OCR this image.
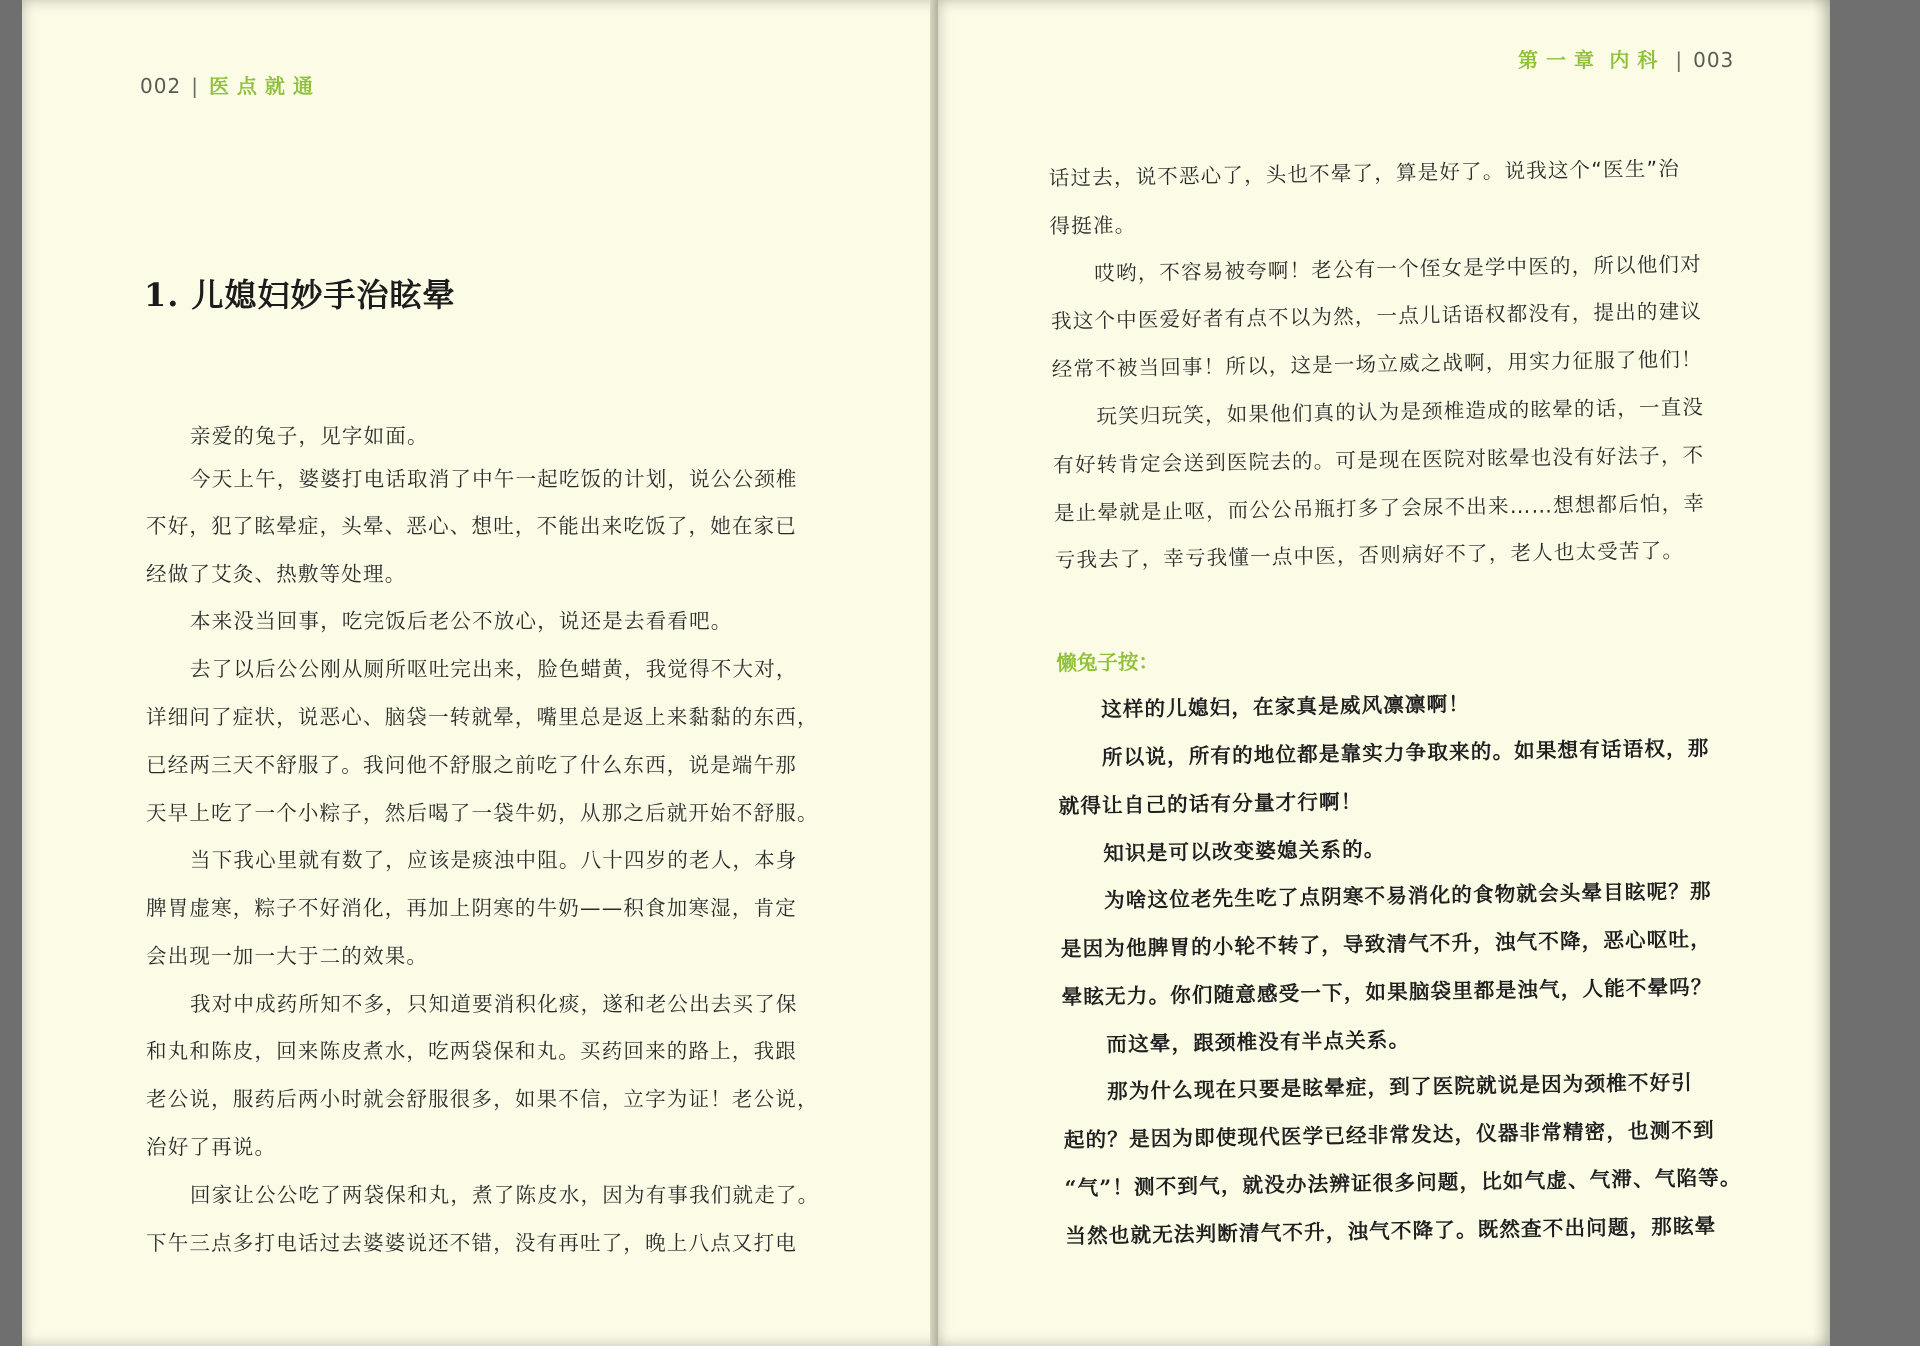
002 | 医点就通
1. 儿媳妇妙手治眩晕
亲爱的兔子，见字如面。
今天上午，婆婆打电话取消了中午一起吃饭的计划，说公公颈椎
不好，犯了眩晕症，头晕、恶心、想吐，不能出来吃饭了，她在家已
经做了艾灸、热敷等处理。
本来没当回事，吃完饭后老公不放心，说还是去看看吧。
去了以后公公刚从厕所呕吐完出来，脸色蜡黄，我觉得不大对，
详细问了症状，说恶心、脑袋一转就晕，嘴里总是返上来黏黏的东西，
已经两三天不舒服了。我问他不舒服之前吃了什么东西，说是端午那
天早上吃了一个小粽子，然后喝了一袋牛奶，从那之后就开始不舒服。
当下我心里就有数了，应该是痰浊中阻。八十四岁的老人，本身
脾胃虚寒，粽子不好消化，再加上阴寒的牛奶——积食加寒湿，肯定
会出现一加一大于二的效果。
我对中成药所知不多，只知道要消积化痰，遂和老公出去买了保
和丸和陈皮，回来陈皮煮水，吃两袋保和丸。买药回来的路上，我跟
老公说，服药后两小时就会舒服很多，如果不信，立字为证！老公说，
治好了再说。
回家让公公吃了两袋保和丸，煮了陈皮水，因为有事我们就走了。
下午三点多打电话过去婆婆说还不错，没有再吐了，晚上八点又打电
第一章 内科 | 003
话过去，说不恶心了，头也不晕了，算是好了。说我这个“医生”治
得挺准。
哎哟，不容易被夸啊！老公有一个侄女是学中医的，所以他们对
我这个中医爱好者有点不以为然，一点儿话语权都没有，提出的建议
经常不被当回事！所以，这是一场立威之战啊，用实力征服了他们！
玩笑归玩笑，如果他们真的认为是颈椎造成的眩晕的话，一直没
有好转肯定会送到医院去的。可是现在医院对眩晕也没有好法子，不
是止晕就是止呕，而公公吊瓶打多了会尿不出来……想想都后怕，幸
亏我去了，幸亏我懂一点中医，否则病好不了，老人也太受苦了。
懒兔子按：
这样的儿媳妇，在家真是威风凛凛啊！
所以说，所有的地位都是靠实力争取来的。如果想有话语权，那
就得让自己的话有分量才行啊！
知识是可以改变婆媳关系的。
为啥这位老先生吃了点阴寒不易消化的食物就会头晕目眩呢？那
是因为他脾胃的小轮不转了，导致清气不升，浊气不降，恶心呕吐，
晕眩无力。你们随意感受一下，如果脑袋里都是浊气，人能不晕吗？
而这晕，跟颈椎没有半点关系。
那为什么现在只要是眩晕症，到了医院就说是因为颈椎不好引
起的？是因为即使现代医学已经非常发达，仪器非常精密，也测不到
“气”！测不到气，就没办法辨证很多问题，比如气虚、气滞、气陷等。
当然也就无法判断清气不升，浊气不降了。既然查不出问题，那眩晕
